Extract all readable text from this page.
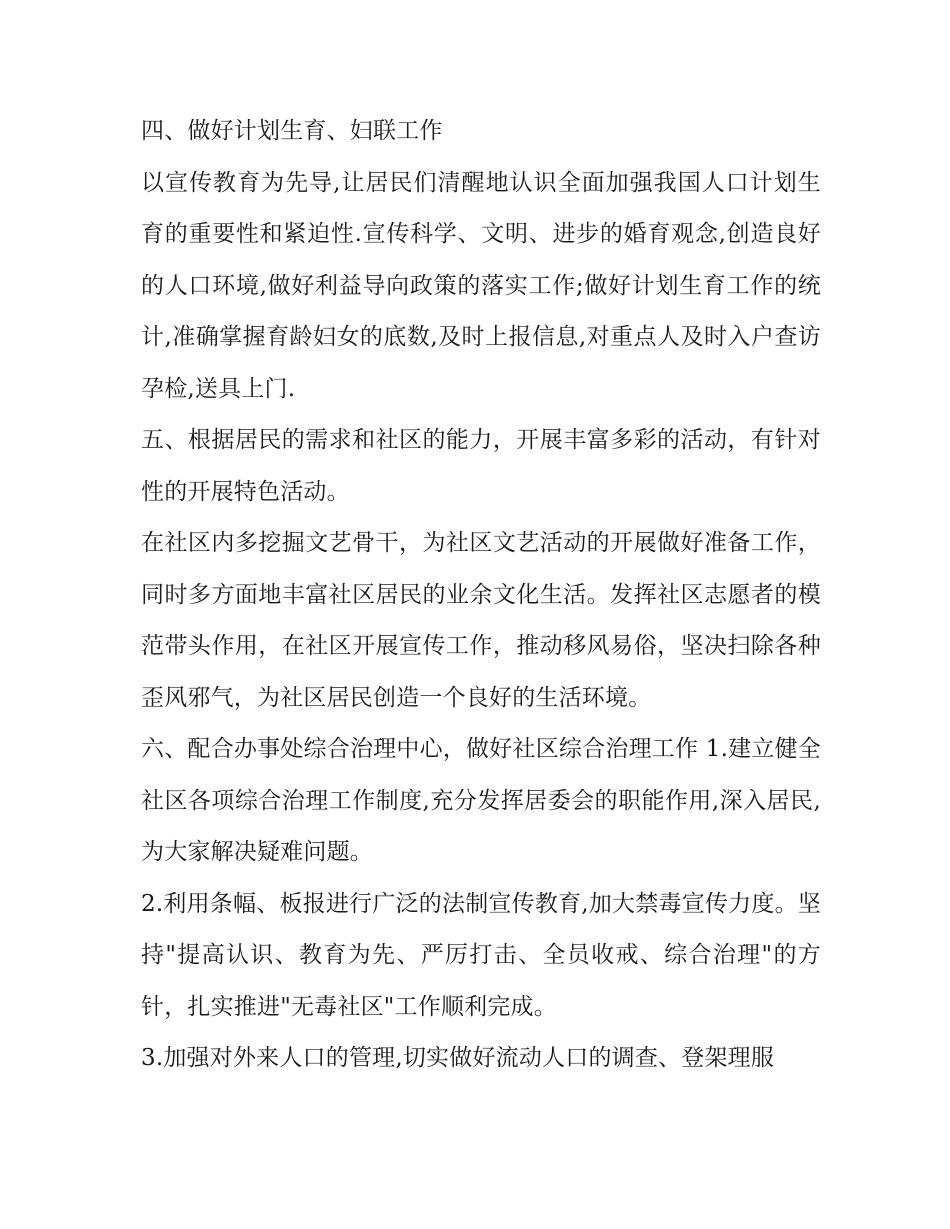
四、做好计划生育、妇联工作

以宣传教育为先导,让居民们清醒地认识全面加强我国人口计划生育的重要性和紧迫性.宣传科学、文明、进步的婚育观念,创造良好的人口环境,做好利益导向政策的落实工作;做好计划生育工作的统计,准确掌握育龄妇女的底数,及时上报信息,对重点人及时入户查访孕检,送具上门.

五、根据居民的需求和社区的能力，开展丰富多彩的活动，有针对性的开展特色活动。

在社区内多挖掘文艺骨干，为社区文艺活动的开展做好准备工作，同时多方面地丰富社区居民的业余文化生活。发挥社区志愿者的模范带头作用，在社区开展宣传工作，推动移风易俗，坚决扫除各种歪风邪气，为社区居民创造一个良好的生活环境。

六、配合办事处综合治理中心，做好社区综合治理工作 1.建立健全社区各项综合治理工作制度,充分发挥居委会的职能作用,深入居民,为大家解决疑难问题。

2.利用条幅、板报进行广泛的法制宣传教育,加大禁毒宣传力度。坚持"提高认识、教育为先、严厉打击、全员收戒、综合治理"的方针，扎实推进"无毒社区"工作顺利完成。

3.加强对外来人口的管理,切实做好流动人口的调查、登架理服
